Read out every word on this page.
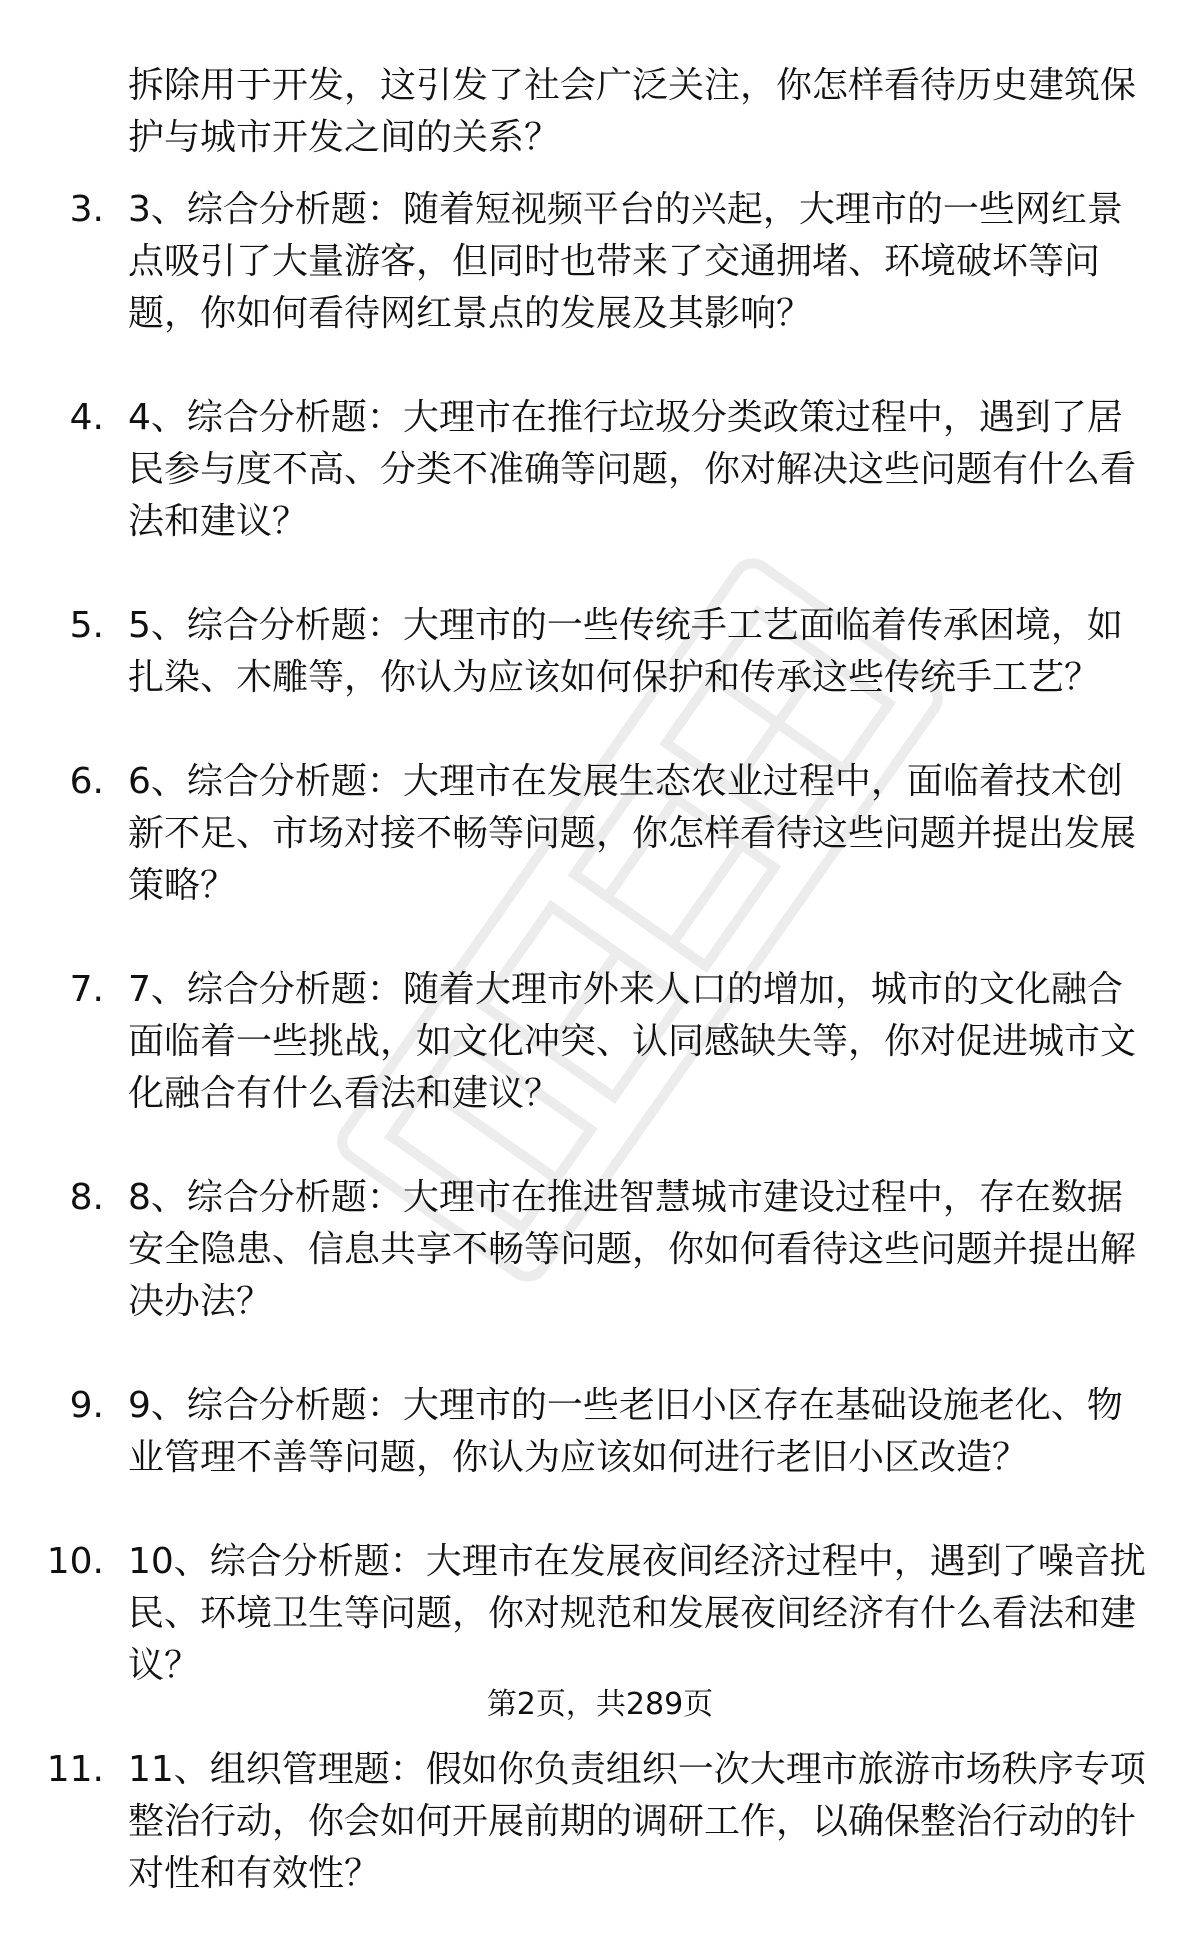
拆除用于开发，这引发了社会广泛关注，你怎样看待历史建筑保护与城市开发之间的关系？

3. 3、综合分析题：随着短视频平台的兴起，大理市的一些网红景点吸引了大量游客，但同时也带来了交通拥堵、环境破坏等问题，你如何看待网红景点的发展及其影响？
4. 4、综合分析题：大理市在推行垃圾分类政策过程中，遇到了居民参与度不高、分类不准确等问题，你对解决这些问题有什么看法和建议？
5. 5、综合分析题：大理市的一些传统手工艺面临着传承困境，如扎染、木雕等，你认为应该如何保护和传承这些传统手工艺？
6. 6、综合分析题：大理市在发展生态农业过程中，面临着技术创新不足、市场对接不畅等问题，你怎样看待这些问题并提出发展策略？
7. 7、综合分析题：随着大理市外来人口的增加，城市的文化融合面临着一些挑战，如文化冲突、认同感缺失等，你对促进城市文化融合有什么看法和建议？
8. 8、综合分析题：大理市在推进智慧城市建设过程中，存在数据安全隐患、信息共享不畅等问题，你如何看待这些问题并提出解决办法？
9. 9、综合分析题：大理市的一些老旧小区存在基础设施老化、物业管理不善等问题，你认为应该如何进行老旧小区改造？
10. 10、综合分析题：大理市在发展夜间经济过程中，遇到了噪音扰民、环境卫生等问题，你对规范和发展夜间经济有什么看法和建议？
11. 11、组织管理题：假如你负责组织一次大理市旅游市场秩序专项整治行动，你会如何开展前期的调研工作，以确保整治行动的针对性和有效性？
第2页，共289页
